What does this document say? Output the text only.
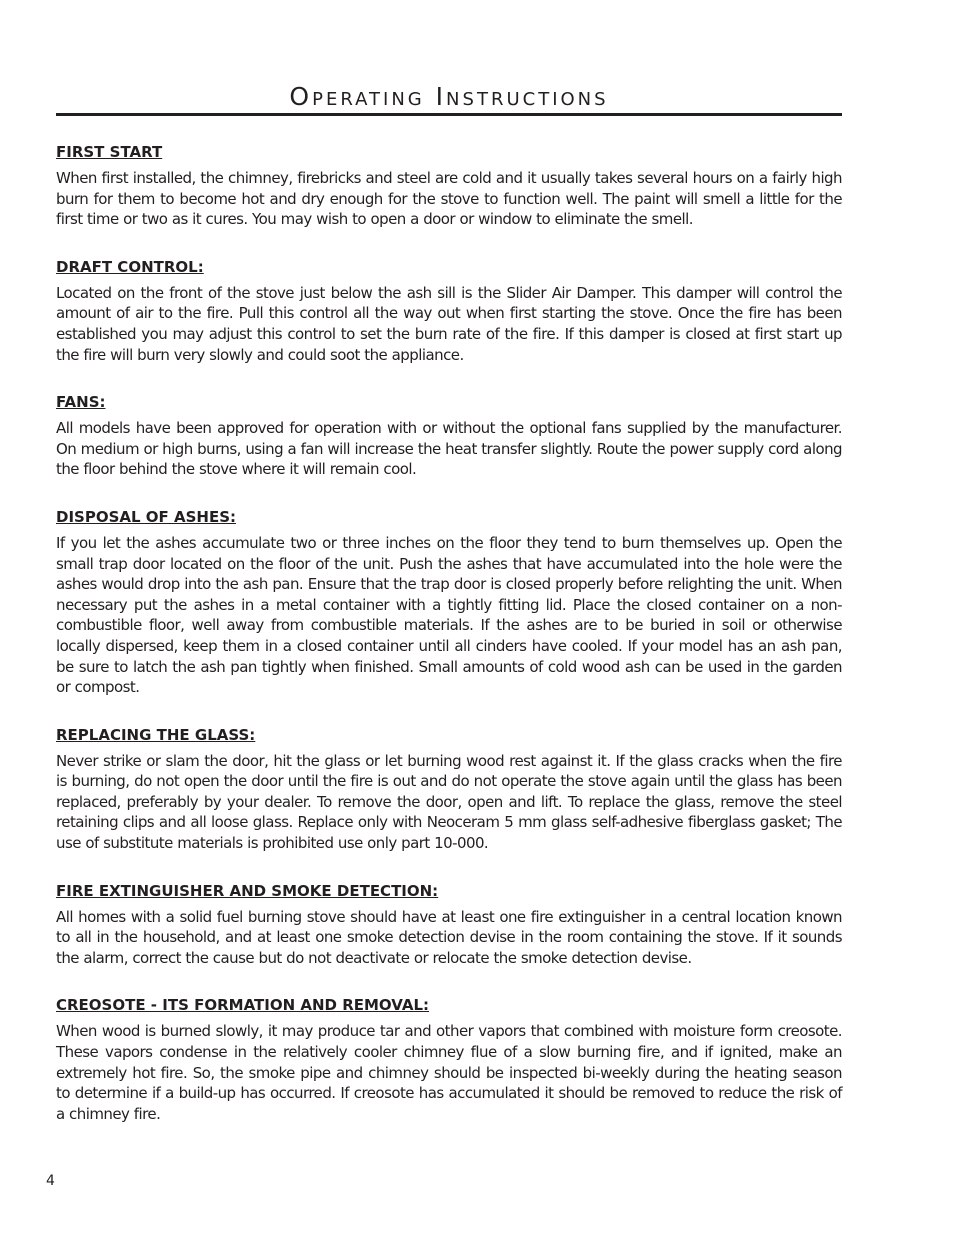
Operating Instructions
FIRST START

When first installed, the chimney, firebricks and steel are cold and it usually takes several hours on a fairly high burn for them to become hot and dry enough for the stove to function well. The paint will smell a little for the first time or two as it cures. You may wish to open a door or window to eliminate the smell.

DRAFT CONTROL:

Located on the front of the stove just below the ash sill is the Slider Air Damper. This damper will control the amount of air to the fire. Pull this control all the way out when first starting the stove. Once the fire has been established you may adjust this control to set the burn rate of the fire. If this damper is closed at first start up the fire will burn very slowly and could soot the appliance.

FANS:

All models have been approved for operation with or without the optional fans supplied by the manufacturer. On medium or high burns, using a fan will increase the heat transfer slightly. Route the power supply cord along the floor behind the stove where it will remain cool.

DISPOSAL OF ASHES:

If you let the ashes accumulate two or three inches on the floor they tend to burn themselves up. Open the small trap door located on the floor of the unit. Push the ashes that have accumulated into the hole were the ashes would drop into the ash pan. Ensure that the trap door is closed properly before relighting the unit. When necessary put the ashes in a metal container with a tightly fitting lid. Place the closed container on a non-combustible floor, well away from combustible materials. If the ashes are to be buried in soil or otherwise locally dispersed, keep them in a closed container until all cinders have cooled. If your model has an ash pan, be sure to latch the ash pan tightly when finished. Small amounts of cold wood ash can be used in the garden or compost.

REPLACING THE GLASS:

Never strike or slam the door, hit the glass or let burning wood rest against it. If the glass cracks when the fire is burning, do not open the door until the fire is out and do not operate the stove again until the glass has been replaced, preferably by your dealer. To remove the door, open and lift. To replace the glass, remove the steel retaining clips and all loose glass. Replace only with Neoceram 5 mm glass self-adhesive fiberglass gasket; The use of substitute materials is prohibited use only part 10-000.

FIRE EXTINGUISHER AND SMOKE DETECTION:

All homes with a solid fuel burning stove should have at least one fire extinguisher in a central location known to all in the household, and at least one smoke detection devise in the room containing the stove. If it sounds the alarm, correct the cause but do not deactivate or relocate the smoke detection devise.

CREOSOTE - ITS FORMATION AND REMOVAL:

When wood is burned slowly, it may produce tar and other vapors that combined with moisture form creosote. These vapors condense in the relatively cooler chimney flue of a slow burning fire, and if ignited, make an extremely hot fire. So, the smoke pipe and chimney should be inspected bi-weekly during the heating season to determine if a build-up has occurred. If creosote has accumulated it should be removed to reduce the risk of a chimney fire.

4
